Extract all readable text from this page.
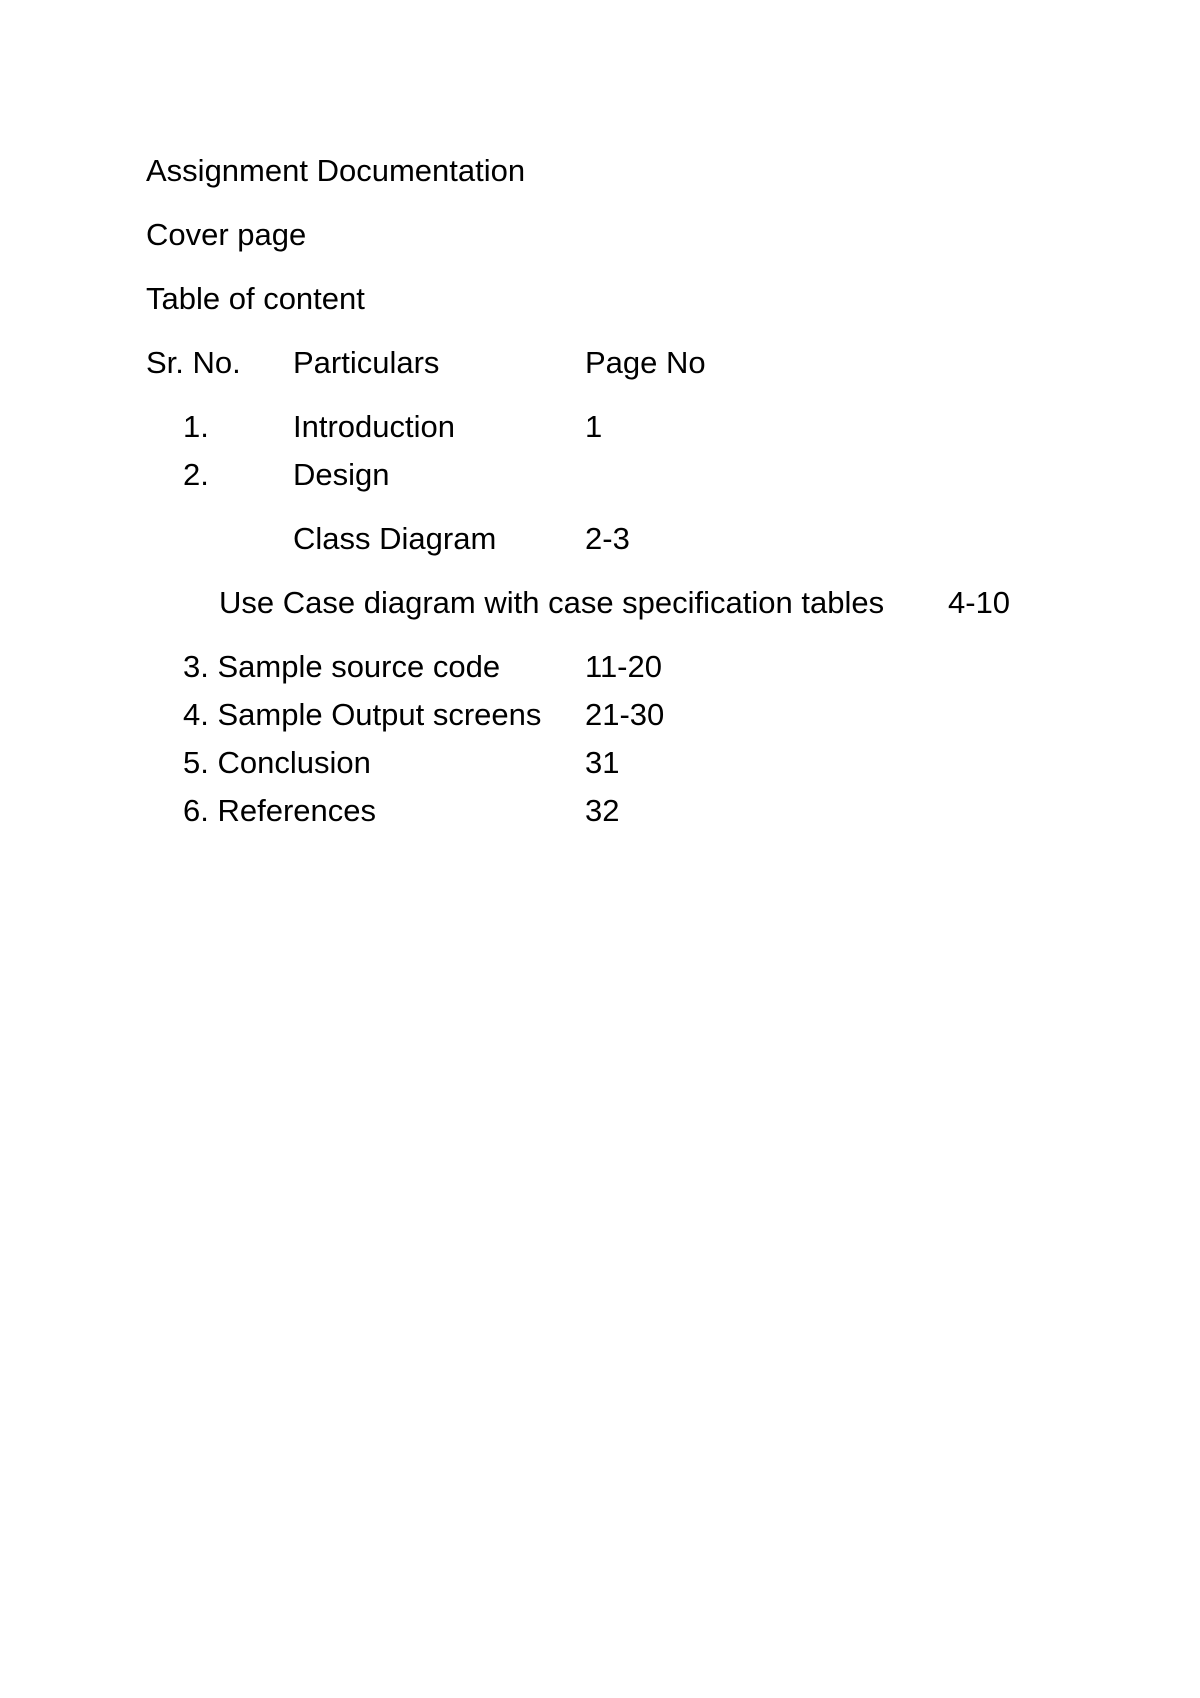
Assignment Documentation
Cover page
Table of content
Sr. No. Particulars	Page No
1.	Introduction	1
2.	Design
Class Diagram	2-3
Use Case diagram with case specification tables 4-10
3. Sample source code	11-20
4. Sample Output screens 21-30
5. Conclusion	31
6. References	32
